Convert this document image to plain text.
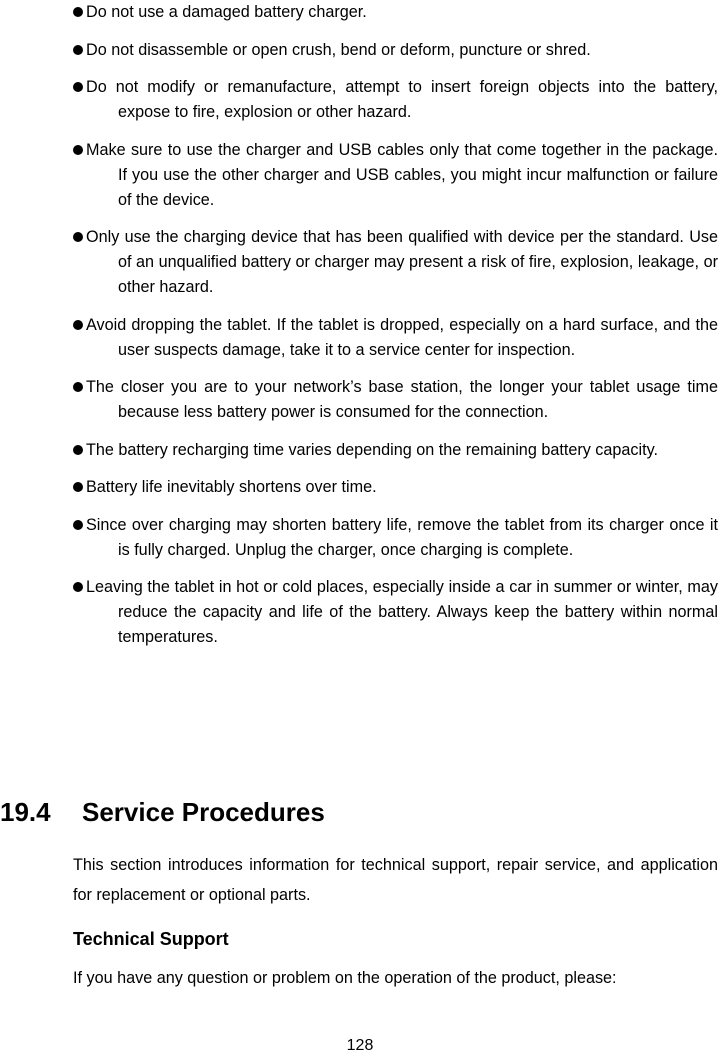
Do not use a damaged battery charger.
Do not disassemble or open crush, bend or deform, puncture or shred.
Do not modify or remanufacture, attempt to insert foreign objects into the battery, expose to fire, explosion or other hazard.
Make sure to use the charger and USB cables only that come together in the package. If you use the other charger and USB cables, you might incur malfunction or failure of the device.
Only use the charging device that has been qualified with device per the standard. Use of an unqualified battery or charger may present a risk of fire, explosion, leakage, or other hazard.
Avoid dropping the tablet. If the tablet is dropped, especially on a hard surface, and the user suspects damage, take it to a service center for inspection.
The closer you are to your network’s base station, the longer your tablet usage time because less battery power is consumed for the connection.
The battery recharging time varies depending on the remaining battery capacity.
Battery life inevitably shortens over time.
Since over charging may shorten battery life, remove the tablet from its charger once it is fully charged. Unplug the charger, once charging is complete.
Leaving the tablet in hot or cold places, especially inside a car in summer or winter, may reduce the capacity and life of the battery. Always keep the battery within normal temperatures.
19.4 Service Procedures

This section introduces information for technical support, repair service, and application for replacement or optional parts.

Technical Support

If you have any question or problem on the operation of the product, please:

128
